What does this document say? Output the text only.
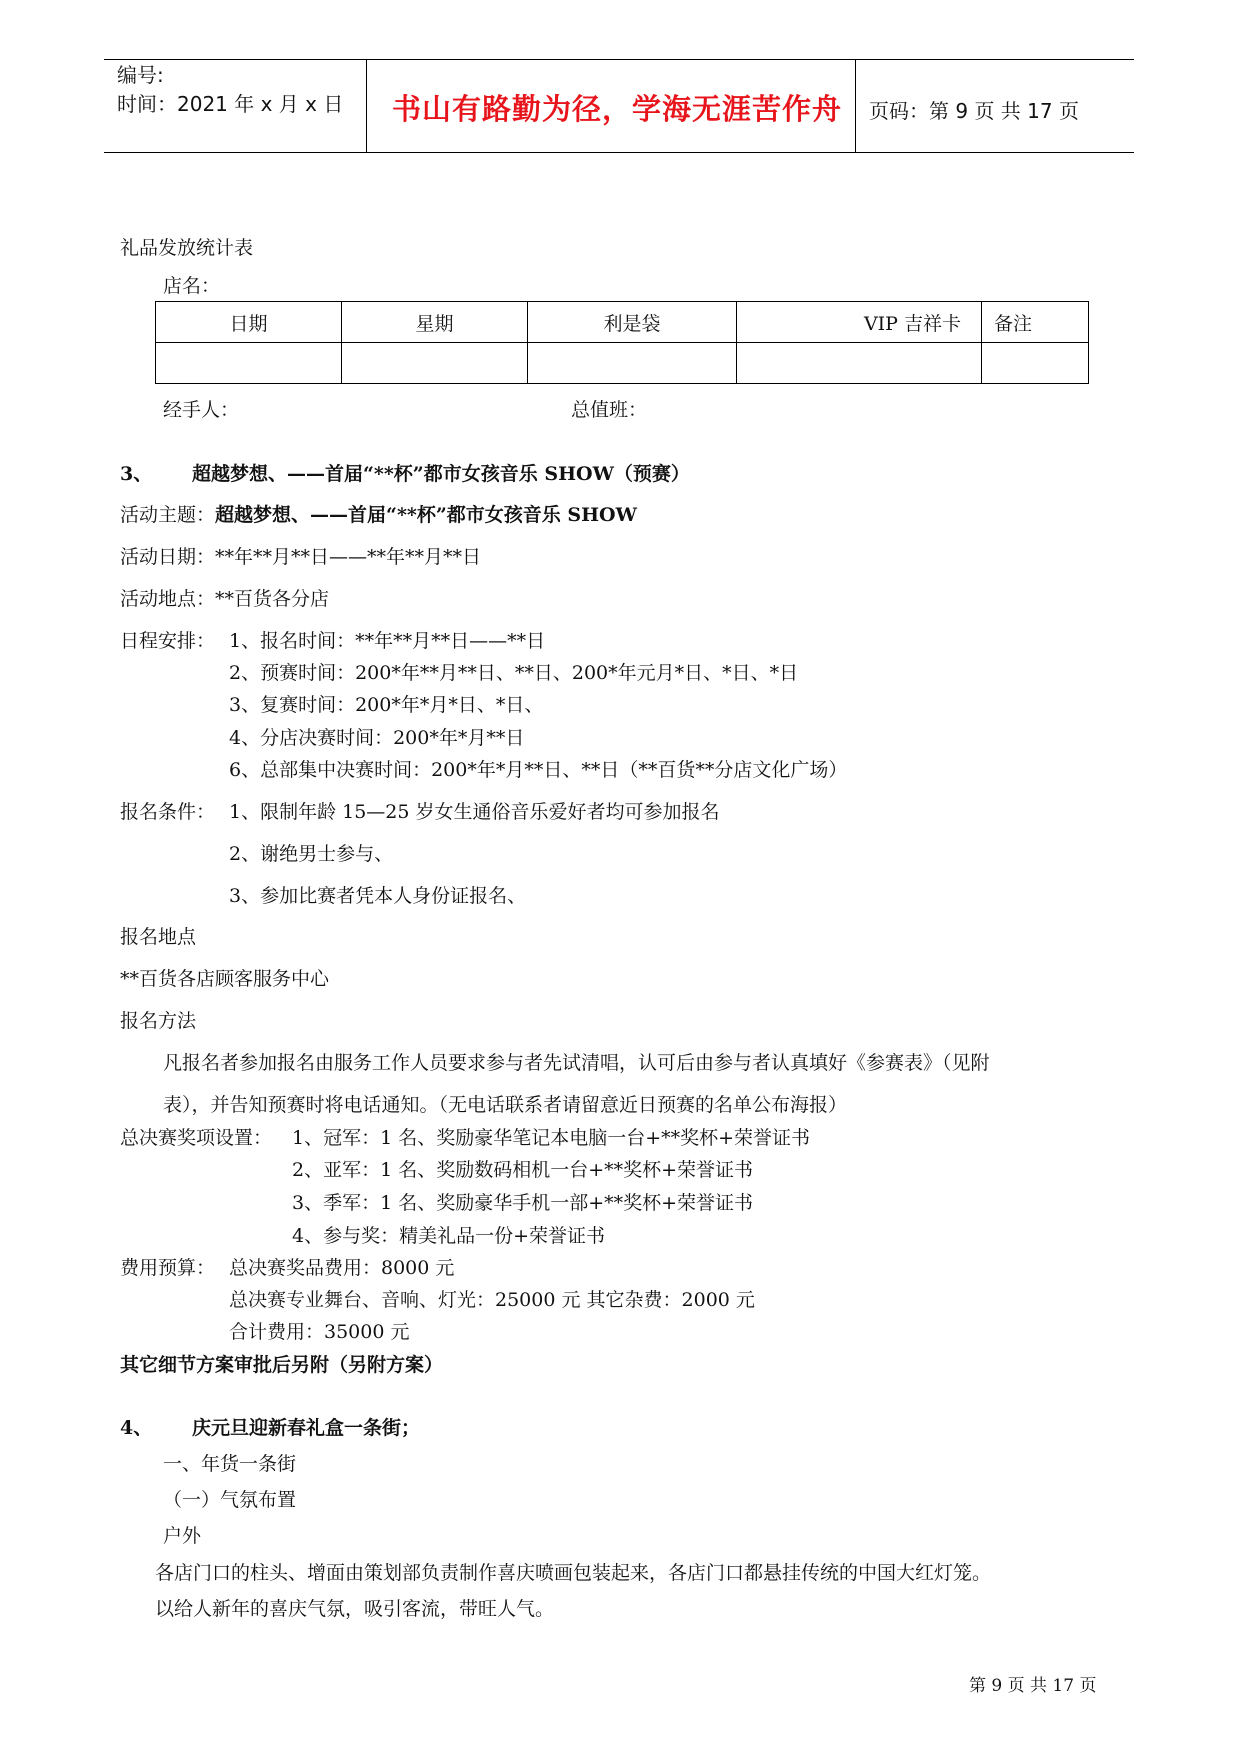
编号:
时间：2021 年 x 月 x 日 书山有路勤为径，学海无涯苦作舟 页码：第 9 页 共 17 页
礼品发放统计表
店名：
日期	星期	利是袋	VIP 吉祥卡	备注

经手人：	总值班：
3、 超越梦想、——首届“**杯”都市女孩音乐 SHOW（预赛）
活动主题：超越梦想、——首届“**杯”都市女孩音乐 SHOW
活动日期：**年**月**日——**年**月**日
活动地点：**百货各分店
日程安排： 1、报名时间：**年**月**日——**日
2、预赛时间：200*年**月**日、**日、200*年元月*日、*日、*日
3、复赛时间：200*年*月*日、*日、
4、分店决赛时间：200*年*月**日
6、总部集中决赛时间：200*年*月**日、**日（**百货**分店文化广场）
报名条件： 1、限制年龄 15—25 岁女生通俗音乐爱好者均可参加报名
2、谢绝男士参与、
3、参加比赛者凭本人身份证报名、
报名地点
**百货各店顾客服务中心
报名方法
凡报名者参加报名由服务工作人员要求参与者先试清唱，认可后由参与者认真填好《参赛表》（见附
表），并告知预赛时将电话通知。（无电话联系者请留意近日预赛的名单公布海报）
总决赛奖项设置： 1、冠军：1 名、奖励豪华笔记本电脑一台+**奖杯+荣誉证书
2、亚军：1 名、奖励数码相机一台+**奖杯+荣誉证书
3、季军：1 名、奖励豪华手机一部+**奖杯+荣誉证书
4、参与奖：精美礼品一份+荣誉证书
费用预算： 总决赛奖品费用：8000 元
总决赛专业舞台、音响、灯光：25000 元 其它杂费：2000 元
合计费用：35000 元
其它细节方案审批后另附（另附方案）
4、 庆元旦迎新春礼盒一条街；
一、年货一条街
（一）气氛布置
户外
各店门口的柱头、增面由策划部负责制作喜庆喷画包装起来，各店门口都悬挂传统的中国大红灯笼。
以给人新年的喜庆气氛，吸引客流，带旺人气。
第 9 页 共 17 页
